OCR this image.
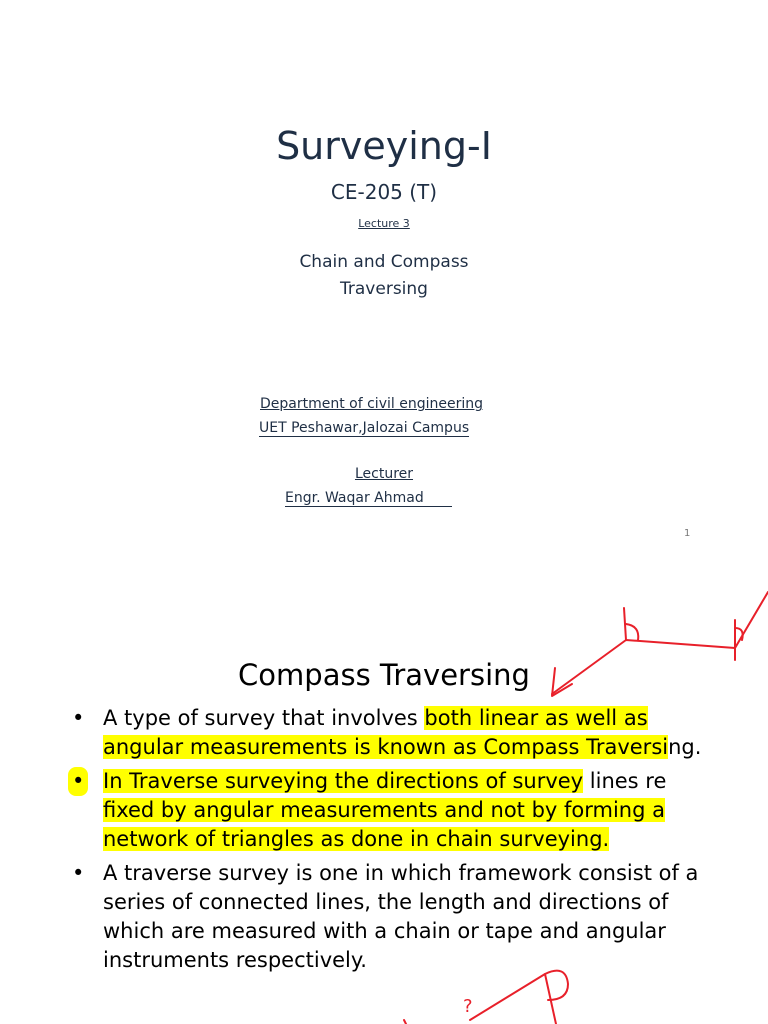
Surveying-I
CE-205 (T)
Lecture 3
Chain and Compass
Traversing
Department of civil engineering
UET Peshawar,Jalozai Campus
Lecturer
Engr. Waqar Ahmad
1
Compass Traversing
• A type of survey that involves both linear as well as angular measurements is known as Compass Traversing.
• In Traverse surveying the directions of survey lines re fixed by angular measurements and not by forming a network of triangles as done in chain surveying.
• A traverse survey is one in which framework consist of a series of connected lines, the length and directions of which are measured with a chain or tape and angular instruments respectively.
?
